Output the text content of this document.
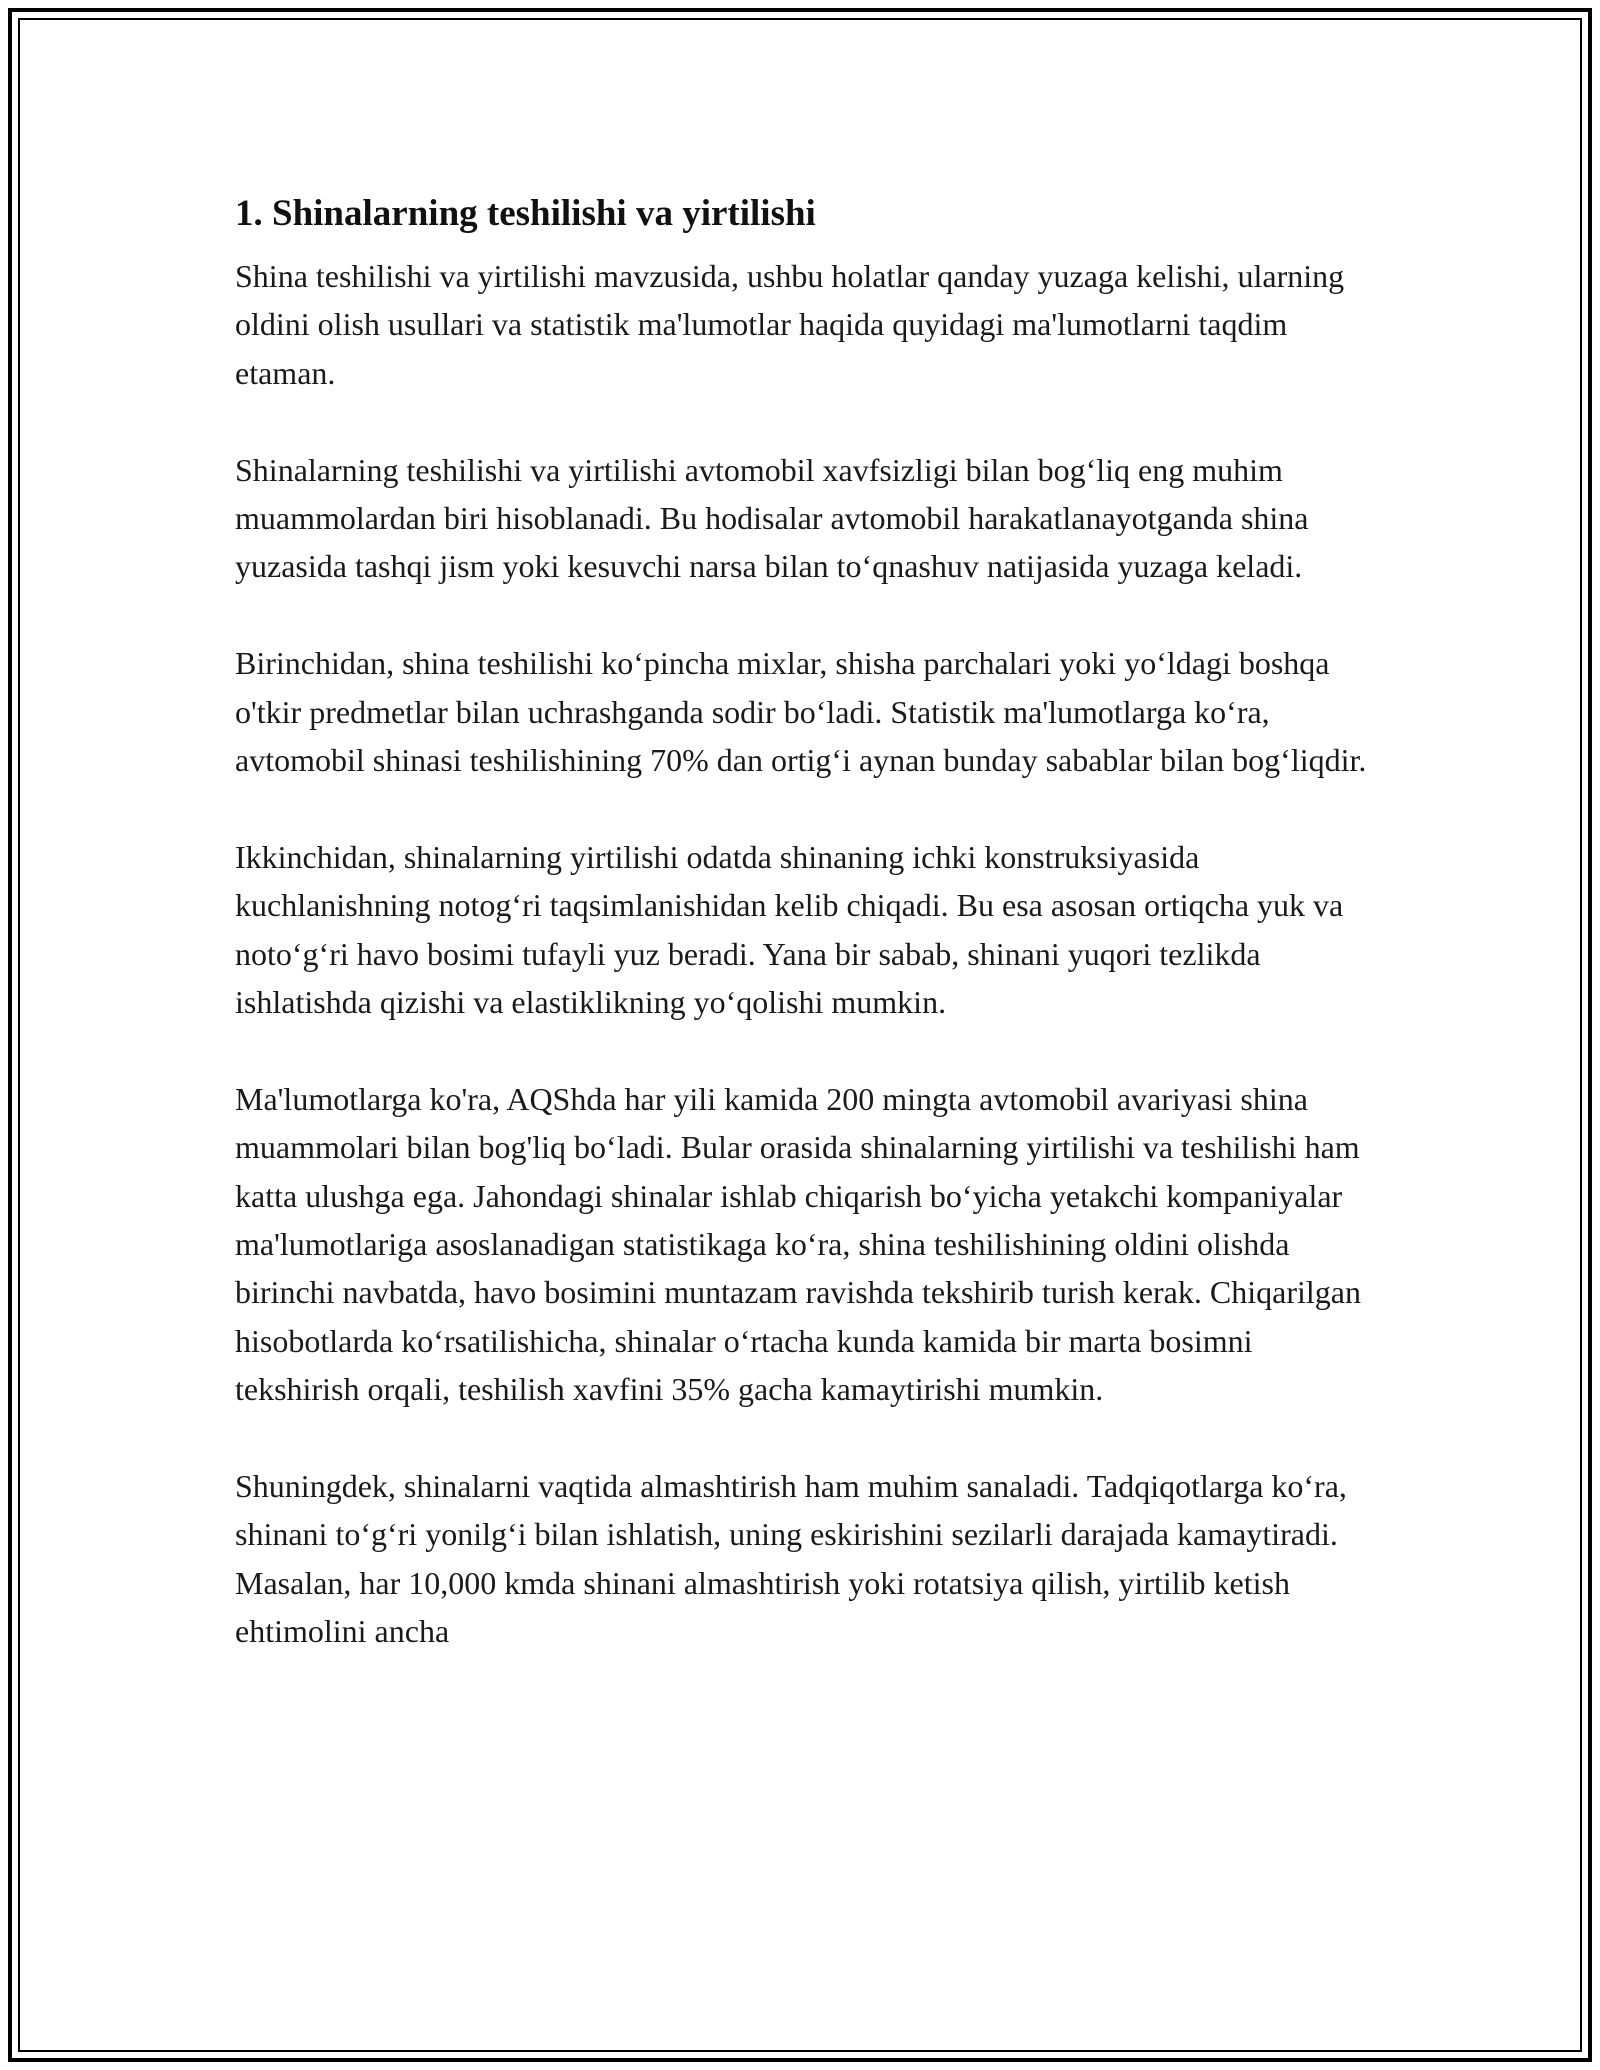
1. Shinalarning teshilishi va yirtilishi

Shina teshilishi va yirtilishi mavzusida, ushbu holatlar qanday yuzaga kelishi, ularning oldini olish usullari va statistik ma'lumotlar haqida quyidagi ma'lumotlarni taqdim etaman.

Shinalarning teshilishi va yirtilishi avtomobil xavfsizligi bilan bog‘liq eng muhim muammolardan biri hisoblanadi. Bu hodisalar avtomobil harakatlanayotganda shina yuzasida tashqi jism yoki kesuvchi narsa bilan to‘qnashuv natijasida yuzaga keladi.

Birinchidan, shina teshilishi ko‘pincha mixlar, shisha parchalari yoki yo‘ldagi boshqa o'tkir predmetlar bilan uchrashganda sodir bo‘ladi. Statistik ma'lumotlarga ko‘ra, avtomobil shinasi teshilishining 70% dan ortig‘i aynan bunday sabablar bilan bog‘liqdir.

Ikkinchidan, shinalarning yirtilishi odatda shinaning ichki konstruksiyasida kuchlanishning notog‘ri taqsimlanishidan kelib chiqadi. Bu esa asosan ortiqcha yuk va noto‘g‘ri havo bosimi tufayli yuz beradi. Yana bir sabab, shinani yuqori tezlikda ishlatishda qizishi va elastiklikning yo‘qolishi mumkin.

Ma'lumotlarga ko'ra, AQShda har yili kamida 200 mingta avtomobil avariyasi shina muammolari bilan bog'liq bo‘ladi. Bular orasida shinalarning yirtilishi va teshilishi ham katta ulushga ega. Jahondagi shinalar ishlab chiqarish bo‘yicha yetakchi kompaniyalar ma'lumotlariga asoslanadigan statistikaga ko‘ra, shina teshilishining oldini olishda birinchi navbatda, havo bosimini muntazam ravishda tekshirib turish kerak. Chiqarilgan hisobotlarda ko‘rsatilishicha, shinalar o‘rtacha kunda kamida bir marta bosimni tekshirish orqali, teshilish xavfini 35% gacha kamaytirishi mumkin.

Shuningdek, shinalarni vaqtida almashtirish ham muhim sanaladi. Tadqiqotlarga ko‘ra, shinani to‘g‘ri yonilg‘i bilan ishlatish, uning eskirishini sezilarli darajada kamaytiradi. Masalan, har 10,000 kmda shinani almashtirish yoki rotatsiya qilish, yirtilib ketish ehtimolini ancha
